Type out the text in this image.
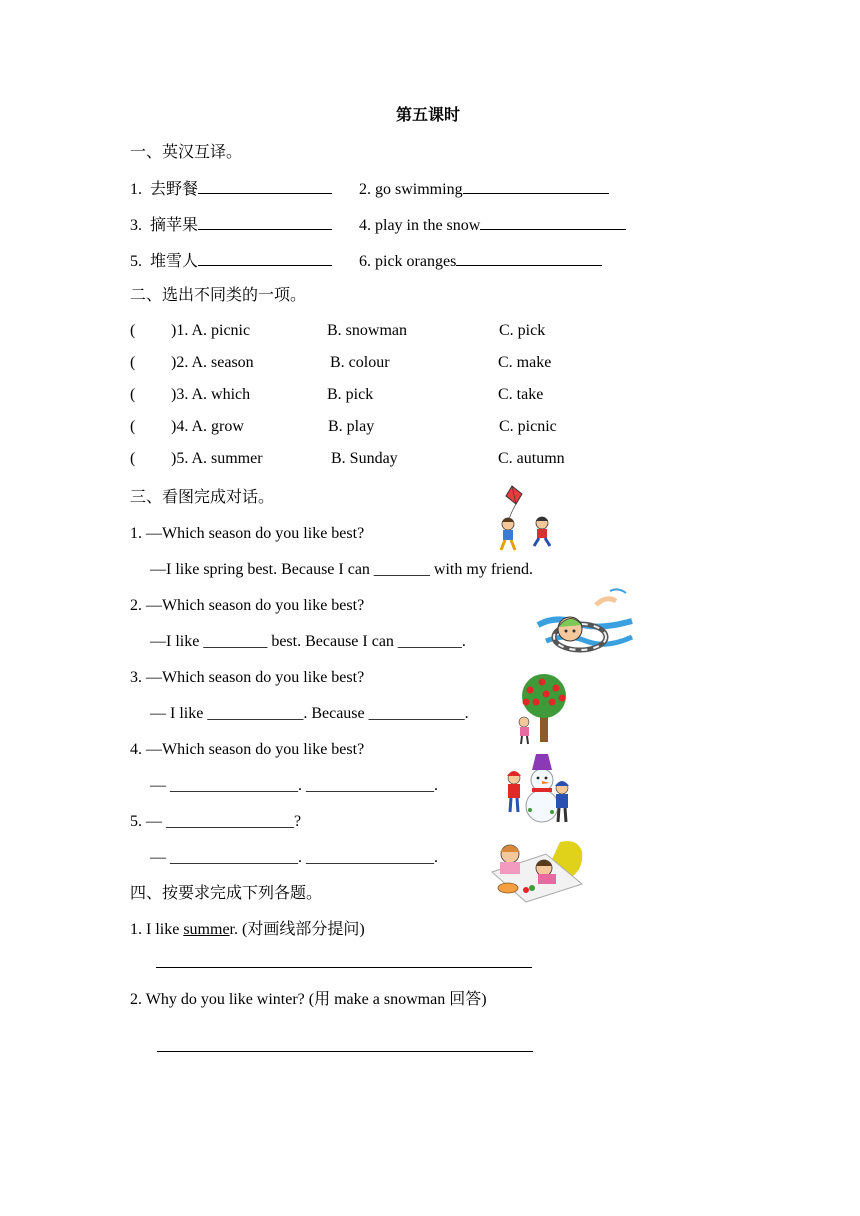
第五课时
一、英汉互译。
1. 去野餐	2. go swimming
3. 摘苹果	4. play in the snow
5. 堆雪人	6. pick oranges
二、选出不同类的一项。
( )1. A. picnic	B. snowman	C. pick
( )2. A. season	B. colour	C. make
( )3. A. which	B. pick	C. take
( )4. A. grow	B. play	C. picnic
( )5. A. summer	B. Sunday	C. autumn
三、看图完成对话。
1. —Which season do you like best?
—I like spring best. Because I can _______ with my friend.
2. —Which season do you like best?
—I like ________ best. Because I can ________.
3. —Which season do you like best?
— I like ____________. Because ____________.
4. —Which season do you like best?
— ________________. ________________.
5. — ________________?
— ________________. ________________.
四、按要求完成下列各题。
1. I like summer. (对画线部分提问)
2. Why do you like winter? (用 make a snowman 回答)
